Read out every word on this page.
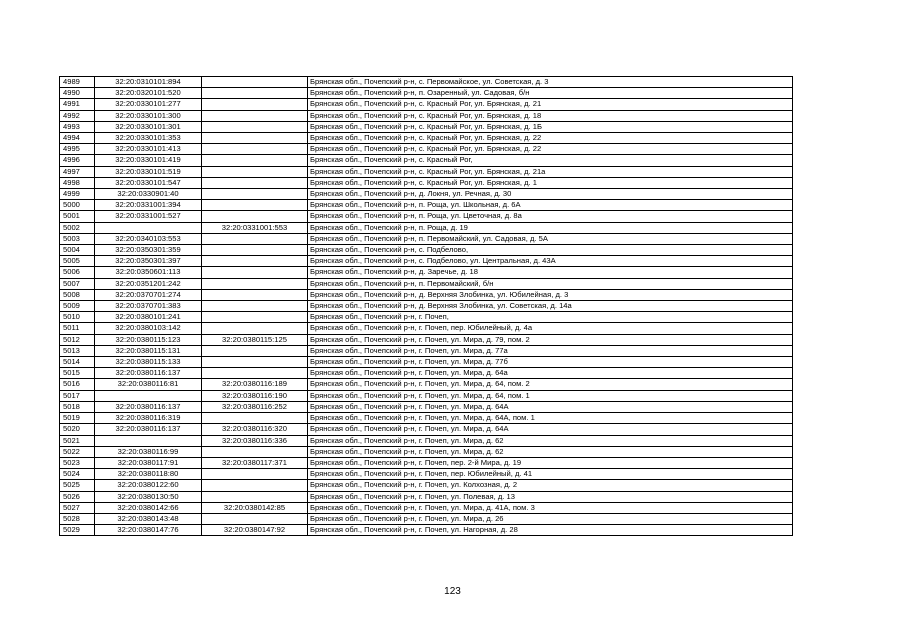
4989	32:20:0310101:894		Брянская обл., Почепский р-н, с. Первомайское, ул. Советская, д. 3
4990	32:20:0320101:520		Брянская обл., Почепский р-н, п. Озаренный, ул. Садовая, б/н
4991	32:20:0330101:277		Брянская обл., Почепский р-н, с. Красный Рог, ул. Брянская, д. 21
4992	32:20:0330101:300		Брянская обл., Почепский р-н, с. Красный Рог, ул. Брянская, д. 18
4993	32:20:0330101:301		Брянская обл., Почепский р-н, с. Красный Рог, ул. Брянская, д. 1Б
4994	32:20:0330101:353		Брянская обл., Почепский р-н, с. Красный Рог, ул. Брянская, д. 22
4995	32:20:0330101:413		Брянская обл., Почепский р-н, с. Красный Рог, ул. Брянская, д. 22
4996	32:20:0330101:419		Брянская обл., Почепский р-н, с. Красный Рог,
4997	32:20:0330101:519		Брянская обл., Почепский р-н, с. Красный Рог, ул. Брянская, д. 21а
4998	32:20:0330101:547		Брянская обл., Почепский р-н, с. Красный Рог, ул. Брянская, д. 1
4999	32:20:0330901:40		Брянская обл., Почепский р-н, д. Локня, ул. Речная, д. 30
5000	32:20:0331001:394		Брянская обл., Почепский р-н, п. Роща, ул. Школьная, д. 6А
5001	32:20:0331001:527		Брянская обл., Почепский р-н, п. Роща, ул. Цветочная, д. 8а
5002		32:20:0331001:553	Брянская обл., Почепский р-н, п. Роща, д. 19
5003	32:20:0340103:553		Брянская обл., Почепский р-н, п. Первомайский, ул. Садовая, д. 5А
5004	32:20:0350301:359		Брянская обл., Почепский р-н, с. Подбелово,
5005	32:20:0350301:397		Брянская обл., Почепский р-н, с. Подбелово, ул. Центральная, д. 43А
5006	32:20:0350601:113		Брянская обл., Почепский р-н, д. Заречье, д. 18
5007	32:20:0351201:242		Брянская обл., Почепский р-н, п. Первомайский, б/н
5008	32:20:0370701:274		Брянская обл., Почепский р-н, д. Верхняя Злобинка, ул. Юбилейная, д. 3
5009	32:20:0370701:383		Брянская обл., Почепский р-н, д. Верхняя Злобинка, ул. Советская, д. 14а
5010	32:20:0380101:241		Брянская обл., Почепский р-н, г. Почеп,
5011	32:20:0380103:142		Брянская обл., Почепский р-н, г. Почеп, пер. Юбилейный, д. 4а
5012	32:20:0380115:123	32:20:0380115:125	Брянская обл., Почепский р-н, г. Почеп, ул. Мира, д. 79, пом. 2
5013	32:20:0380115:131		Брянская обл., Почепский р-н, г. Почеп, ул. Мира, д. 77а
5014	32:20:0380115:133		Брянская обл., Почепский р-н, г. Почеп, ул. Мира, д. 77б
5015	32:20:0380116:137		Брянская обл., Почепский р-н, г. Почеп, ул. Мира, д. 64а
5016	32:20:0380116:81	32:20:0380116:189	Брянская обл., Почепский р-н, г. Почеп, ул. Мира, д. 64, пом. 2
5017		32:20:0380116:190	Брянская обл., Почепский р-н, г. Почеп, ул. Мира, д. 64, пом. 1
5018	32:20:0380116:137	32:20:0380116:252	Брянская обл., Почепский р-н, г. Почеп, ул. Мира, д. 64А
5019	32:20:0380116:319		Брянская обл., Почепский р-н, г. Почеп, ул. Мира, д. 64А, пом. 1
5020	32:20:0380116:137	32:20:0380116:320	Брянская обл., Почепский р-н, г. Почеп, ул. Мира, д. 64А
5021		32:20:0380116:336	Брянская обл., Почепский р-н, г. Почеп, ул. Мира, д. 62
5022	32:20:0380116:99		Брянская обл., Почепский р-н, г. Почеп, ул. Мира, д. 62
5023	32:20:0380117:91	32:20:0380117:371	Брянская обл., Почепский р-н, г. Почеп, пер. 2-й Мира, д. 19
5024	32:20:0380118:80		Брянская обл., Почепский р-н, г. Почеп, пер. Юбилейный, д. 41
5025	32:20:0380122:60		Брянская обл., Почепский р-н, г. Почеп, ул. Колхозная, д. 2
5026	32:20:0380130:50		Брянская обл., Почепский р-н, г. Почеп, ул. Полевая, д. 13
5027	32:20:0380142:66	32:20:0380142:85	Брянская обл., Почепский р-н, г. Почеп, ул. Мира, д. 41А, пом. 3
5028	32:20:0380143:48		Брянская обл., Почепский р-н, г. Почеп, ул. Мира, д. 26
5029	32:20:0380147:76	32:20:0380147:92	Брянская обл., Почепский р-н, г. Почеп, ул. Нагорная, д. 28
123
